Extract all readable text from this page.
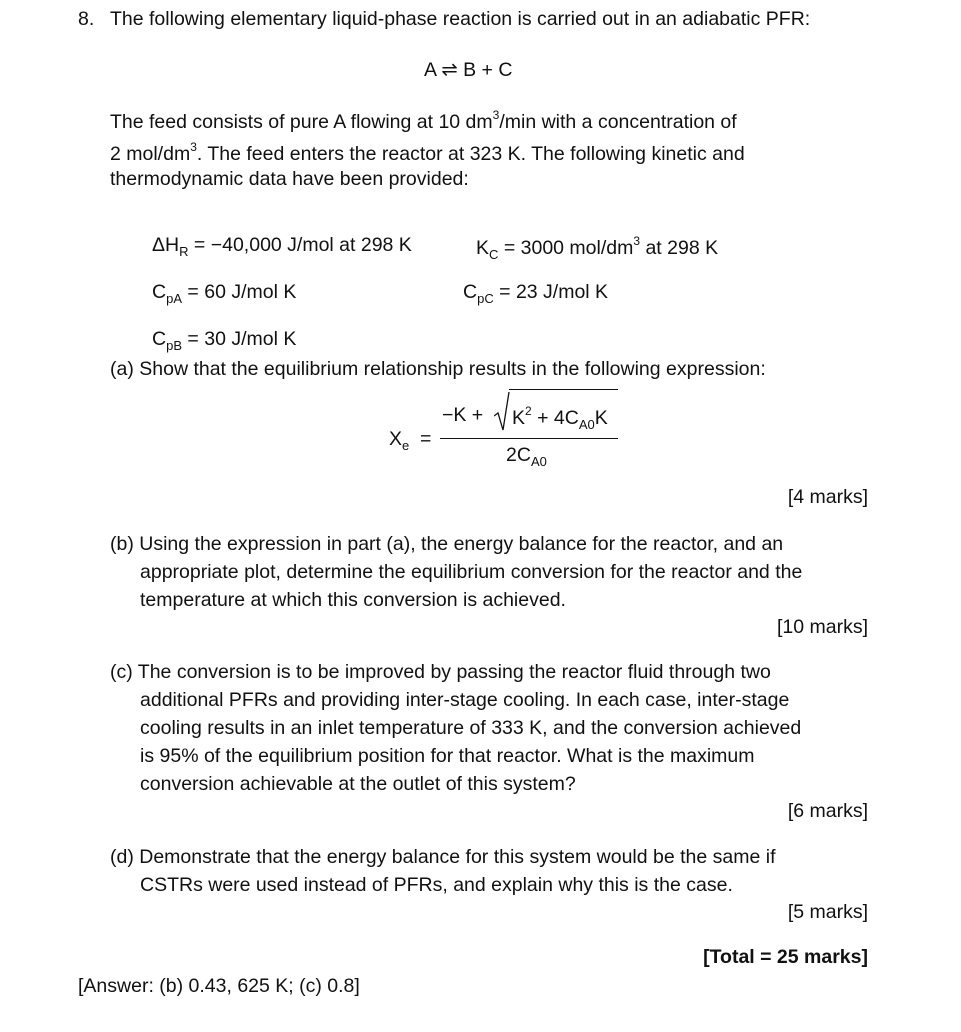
8. The following elementary liquid-phase reaction is carried out in an adiabatic PFR:
A ⇌ B + C
The feed consists of pure A flowing at 10 $dm^3/\min$ with a concentration of
2 mol/$dm^3$. The feed enters the reactor at 323 K. The following kinetic and
thermodynamic data have been provided:
$\Delta H_R = -40,000$ J/mol at 298 K	$K_C = 3000$ mol/$dm^3$ at 298 K
$C_{pA} = 60$ J/mol K	$C_{pC} = 23$ J/mol K
$C_{pB} = 30$ J/mol K
(a) Show that the equilibrium relationship results in the following expression:
$X_e$ =
$-K + K^2 + 4C_{A0}K$
$2C_{A0}$
[4 marks]
(b) Using the expression in part (a), the energy balance for the reactor, and an
appropriate plot, determine the equilibrium conversion for the reactor and the
temperature at which this conversion is achieved.
[10 marks]
(c) The conversion is to be improved by passing the reactor fluid through two
additional PFRs and providing inter-stage cooling. In each case, inter-stage
cooling results in an inlet temperature of 333 K, and the conversion achieved
is 95% of the equilibrium position for that reactor. What is the maximum
conversion achievable at the outlet of this system?
[6 marks]
(d) Demonstrate that the energy balance for this system would be the same if
CSTRs were used instead of PFRs, and explain why this is the case.
[5 marks]
[Total = 25 marks]
[Answer: (b) 0.43, 625 K; (c) 0.8]
